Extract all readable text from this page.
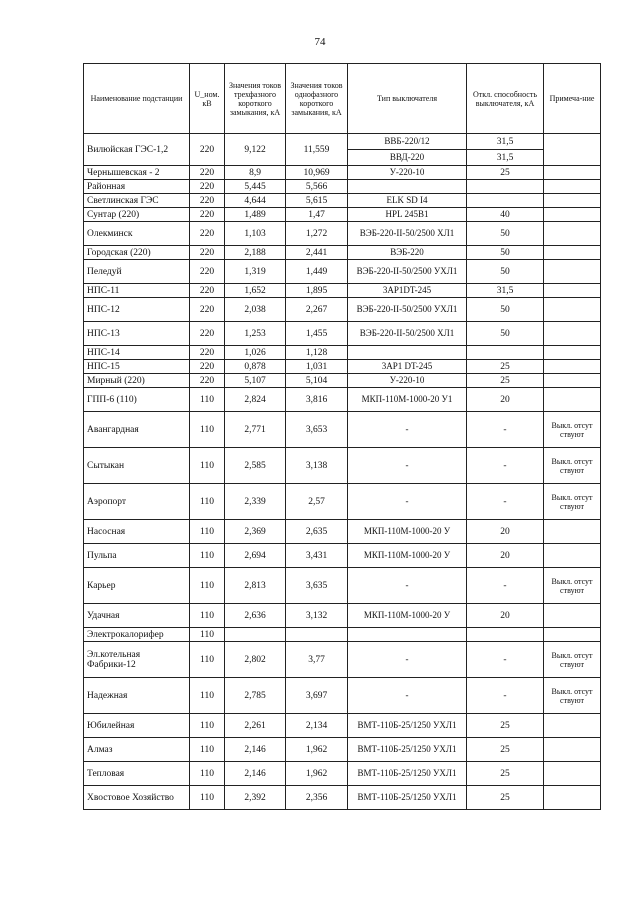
74
Наименование подстанции	U_ном. кВ	Значения токов трехфазного короткого замыкания, кА	Значения токов однофазного короткого замыкания, кА	Тип выключателя	Откл. способность выключателя, кА	Примеча-ние
Вилюйская ГЭС-1,2	220	9,122	11,559	ВВБ-220/12	31,5	
				ВВД-220	31,5	
Чернышевская - 2	220	8,9	10,969	У-220-10	25	
Районная	220	5,445	5,566			
Светлинская ГЭС	220	4,644	5,615	ELK SD I4		
Сунтар (220)	220	1,489	1,47	HPL 245B1	40	
Олекминск	220	1,103	1,272	ВЭБ-220-II-50/2500 ХЛ1	50	
Городская (220)	220	2,188	2,441	ВЭБ-220	50	
Пеледуй	220	1,319	1,449	ВЭБ-220-II-50/2500 УХЛ1	50	
НПС-11	220	1,652	1,895	3AP1DT-245	31,5	
НПС-12	220	2,038	2,267	ВЭБ-220-II-50/2500 УХЛ1	50	
НПС-13	220	1,253	1,455	ВЭБ-220-II-50/2500 ХЛ1	50	
НПС-14	220	1,026	1,128			
НПС-15	220	0,878	1,031	3AP1 DT-245	25	
Мирный (220)	220	5,107	5,104	У-220-10	25	
ГПП-6 (110)	110	2,824	3,816	МКП-110М-1000-20 У1	20	
Авангардная	110	2,771	3,653	-	-	Выкл. отсут ствуют
Сытыкан	110	2,585	3,138	-	-	Выкл. отсут ствуют
Аэропорт	110	2,339	2,57	-	-	Выкл. отсут ствуют
Насосная	110	2,369	2,635	МКП-110М-1000-20 У	20	
Пульпа	110	2,694	3,431	МКП-110М-1000-20 У	20	
Карьер	110	2,813	3,635	-	-	Выкл. отсут ствуют
Удачная	110	2,636	3,132	МКП-110М-1000-20 У	20	
Электрокалорифер	110					
Эл.котельная Фабрики-12	110	2,802	3,77	-	-	Выкл. отсут ствуют
Надежная	110	2,785	3,697	-	-	Выкл. отсут ствуют
Юбилейная	110	2,261	2,134	ВМТ-110Б-25/1250 УХЛ1	25	
Алмаз	110	2,146	1,962	ВМТ-110Б-25/1250 УХЛ1	25	
Тепловая	110	2,146	1,962	ВМТ-110Б-25/1250 УХЛ1	25	
Хвостовое Хозяйство	110	2,392	2,356	ВМТ-110Б-25/1250 УХЛ1	25	
